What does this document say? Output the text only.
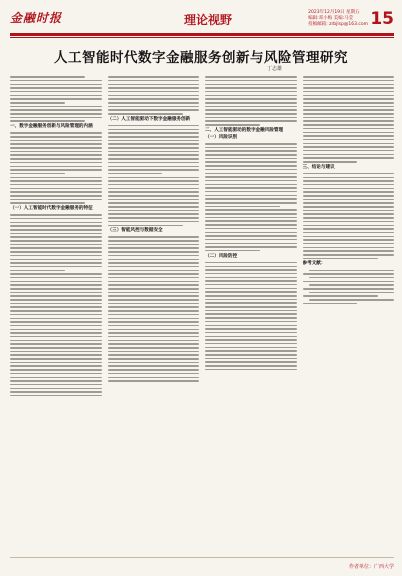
金融时报	理论视野
2023年12月19日 星期五
编辑:邓小梅 美编:马莹
投稿邮箱: zrbjlsp@163.com 15
人工智能时代数字金融服务创新与风险管理研究
丁志雄
一、数字金融服务创新与风险管理的内涵
（一）人工智能时代数字金融服务的特征
（二）人工智能驱动下数字金融服务创新
（三）智能风控与数据安全
二、人工智能驱动的数字金融风险管理
（一）风险识别
（二）风险防控
三、结论与建议
参考文献：
作者单位：广西大学
